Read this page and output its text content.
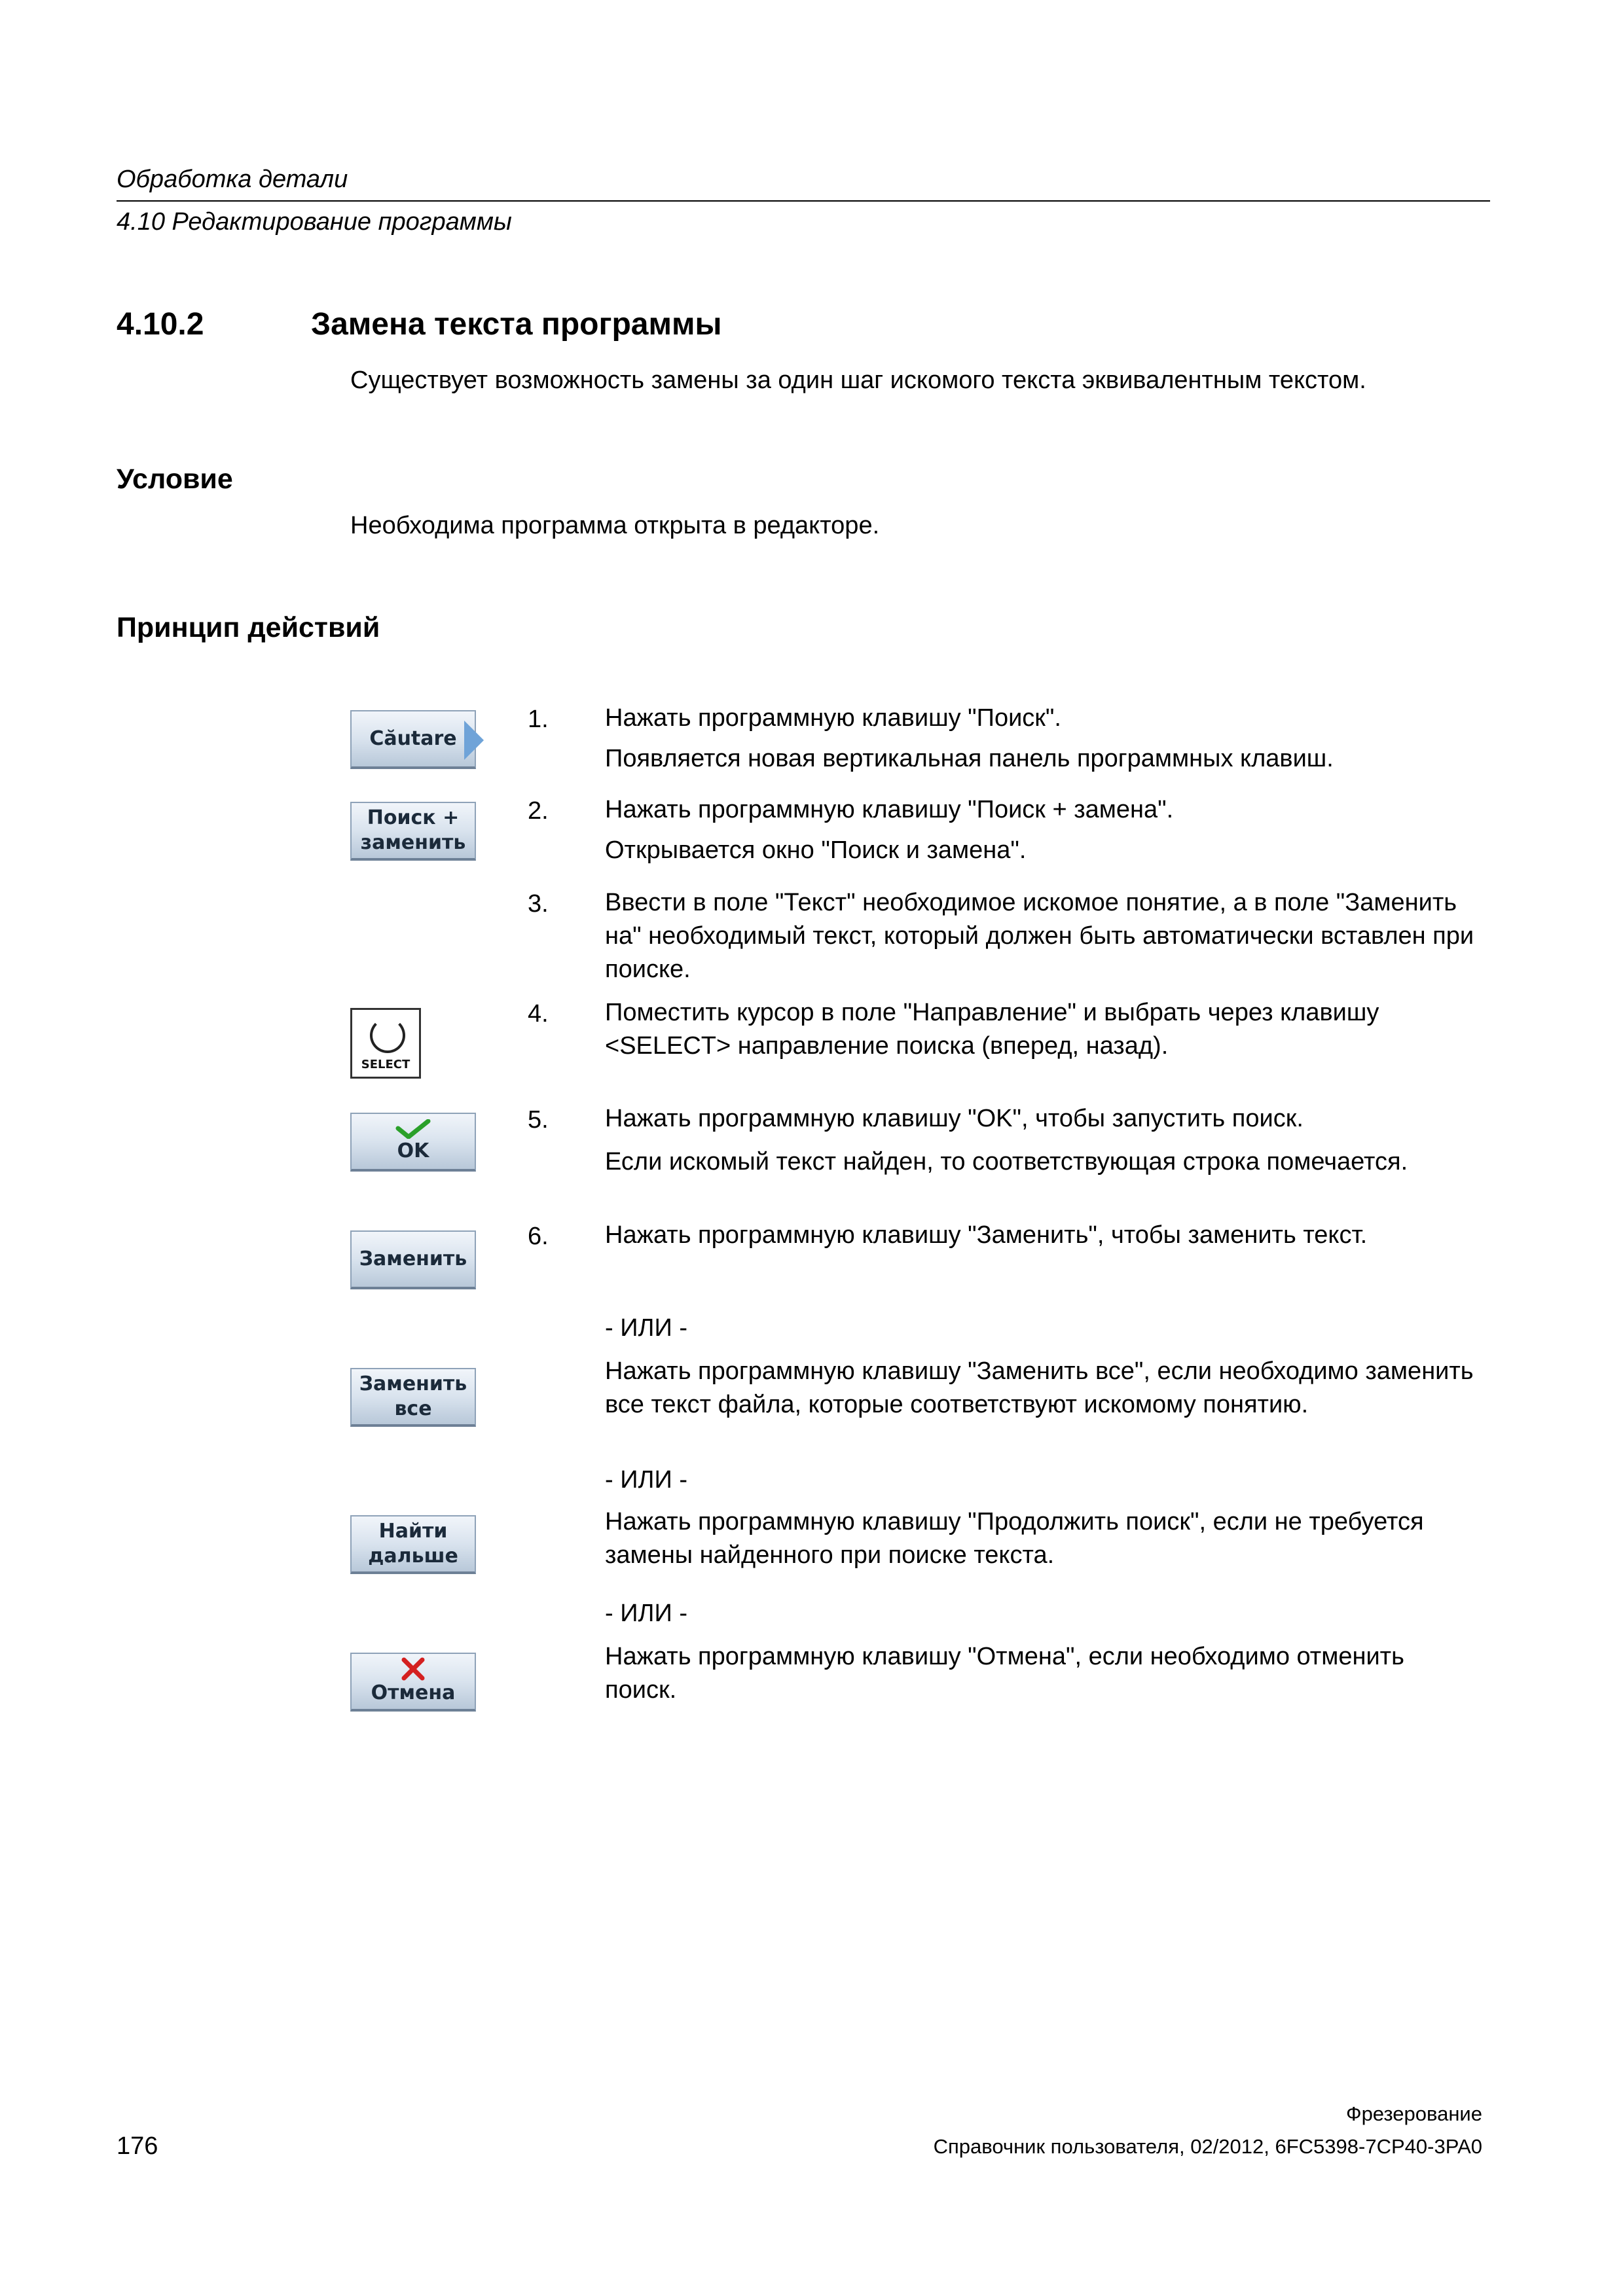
Обработка детали
4.10 Редактирование программы
4.10.2	Замена текста программы
Существует возможность замены за один шаг искомого текста эквивалентным текстом.
Условие
Необходима программа открыта в редакторе.
Принцип действий
Căutare
Поиск +
заменить
SELECT
OK
Заменить
Заменить
все
Найти
дальше
Отмена
1. Нажать программную клавишу "Поиск".
Появляется новая вертикальная панель программных клавиш.
2. Нажать программную клавишу "Поиск + замена".
Открывается окно "Поиск и замена".
3. Ввести в поле "Текст" необходимое искомое понятие, а в поле "Заменить на" необходимый текст, который должен быть автоматически вставлен при поиске.
4. Поместить курсор в поле "Направление" и выбрать через клавишу <SELECT> направление поиска (вперед, назад).
5. Нажать программную клавишу "OK", чтобы запустить поиск.
Если искомый текст найден, то соответствующая строка помечается.
6. Нажать программную клавишу "Заменить", чтобы заменить текст.
- ИЛИ -
Нажать программную клавишу "Заменить все", если необходимо заменить все текст файла, которые соответствуют искомому понятию.
- ИЛИ -
Нажать программную клавишу "Продолжить поиск", если не требуется замены найденного при поиске текста.
- ИЛИ -
Нажать программную клавишу "Отмена", если необходимо отменить поиск.
Фрезерование
176	Справочник пользователя, 02/2012, 6FC5398-7CP40-3PA0
